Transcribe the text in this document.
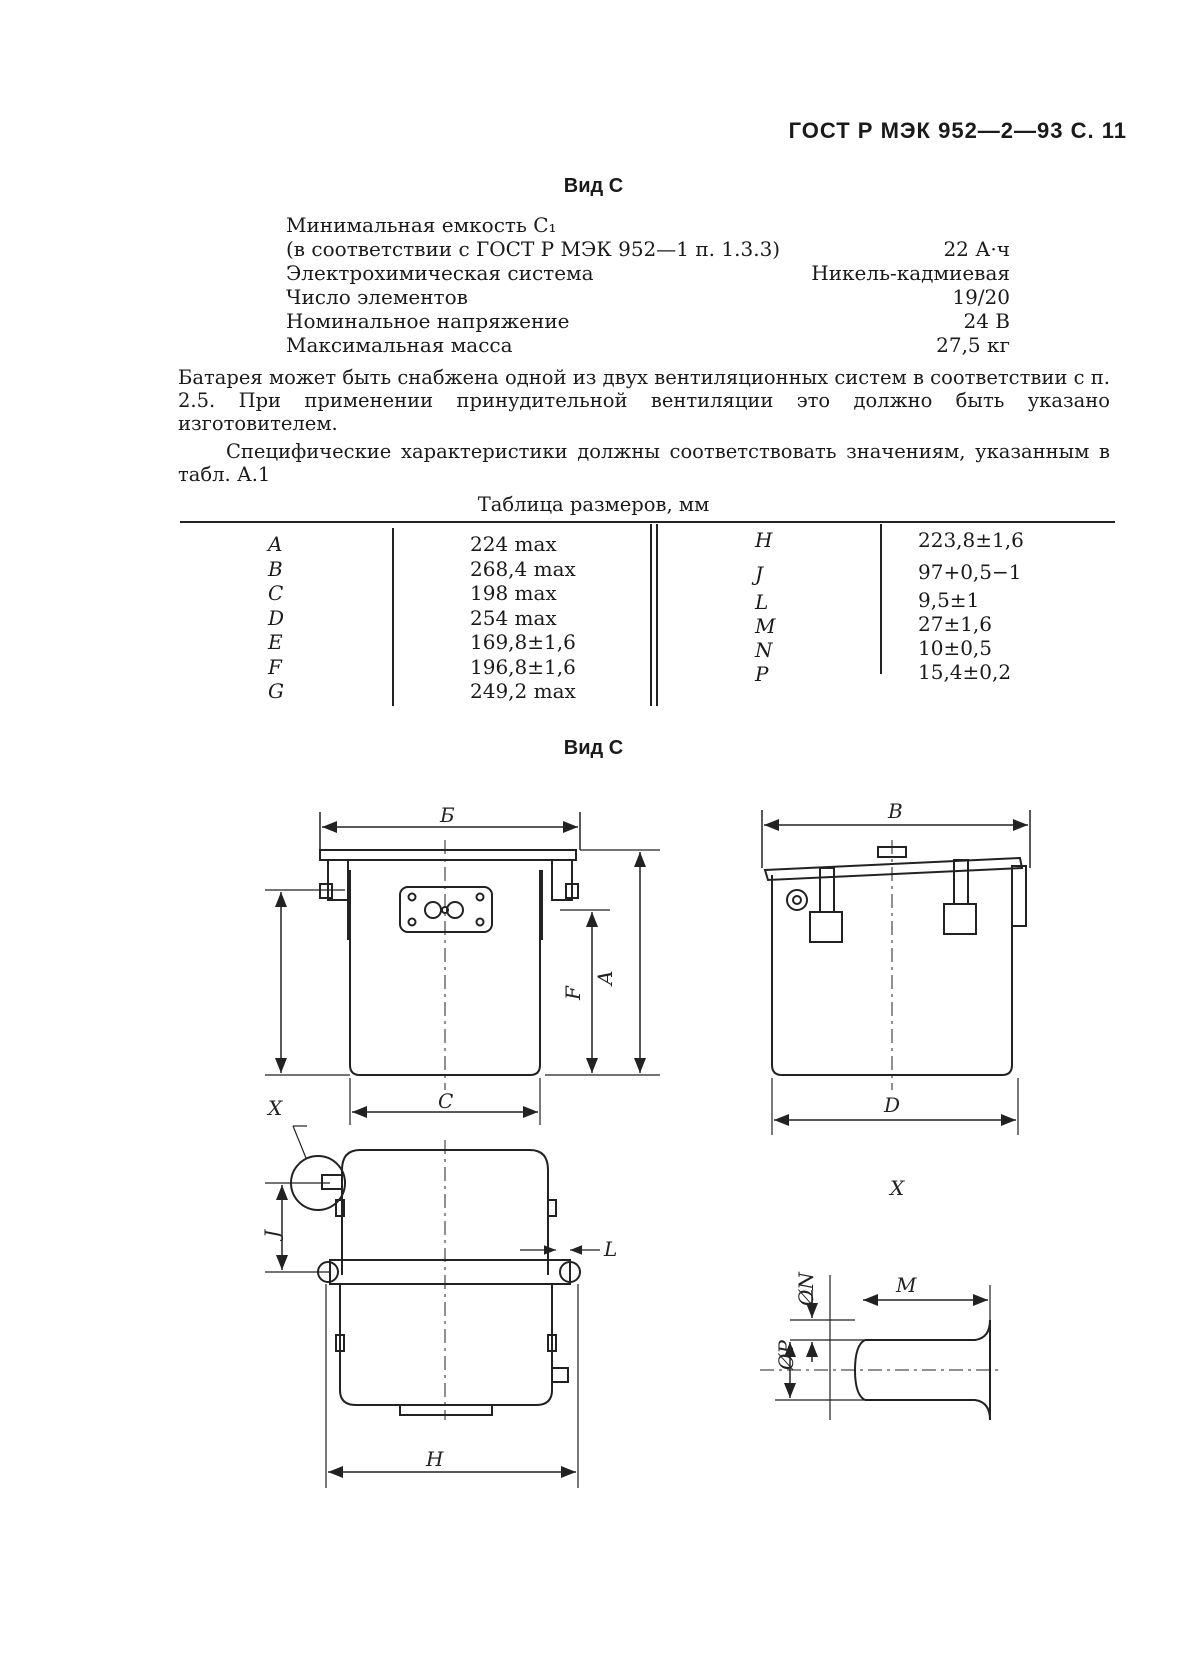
ГОСТ Р МЭК 952—2—93 С. 11
Вид С
Минимальная емкость C₁
(в соответствии с ГОСТ Р МЭК 952—1 п. 1.3.3)	22 А·ч
Электрохимическая система	Никель-кадмиевая
Число элементов	19/20
Номинальное напряжение	24 В
Максимальная масса	27,5 кг
Батарея может быть снабжена одной из двух вентиляционных систем в соответствии с п. 2.5. При применении принудительной вентиляции это должно быть указано изготовителем.
Специфические характеристики должны соответствовать значениям, указанным в табл. А.1
Таблица размеров, мм
A	224 max
B	268,4 max
C	198 max
D	254 max
E	169,8±1,6
F	196,8±1,6
G	249,2 max
H	223,8±1,6
J	97+0,5−1
L	9,5±1
M	27±1,6
N	10±0,5
P	15,4±0,2
Вид С
Б	B
A
F
C	D
X
X
J
L
H
M
ØN
ØP
